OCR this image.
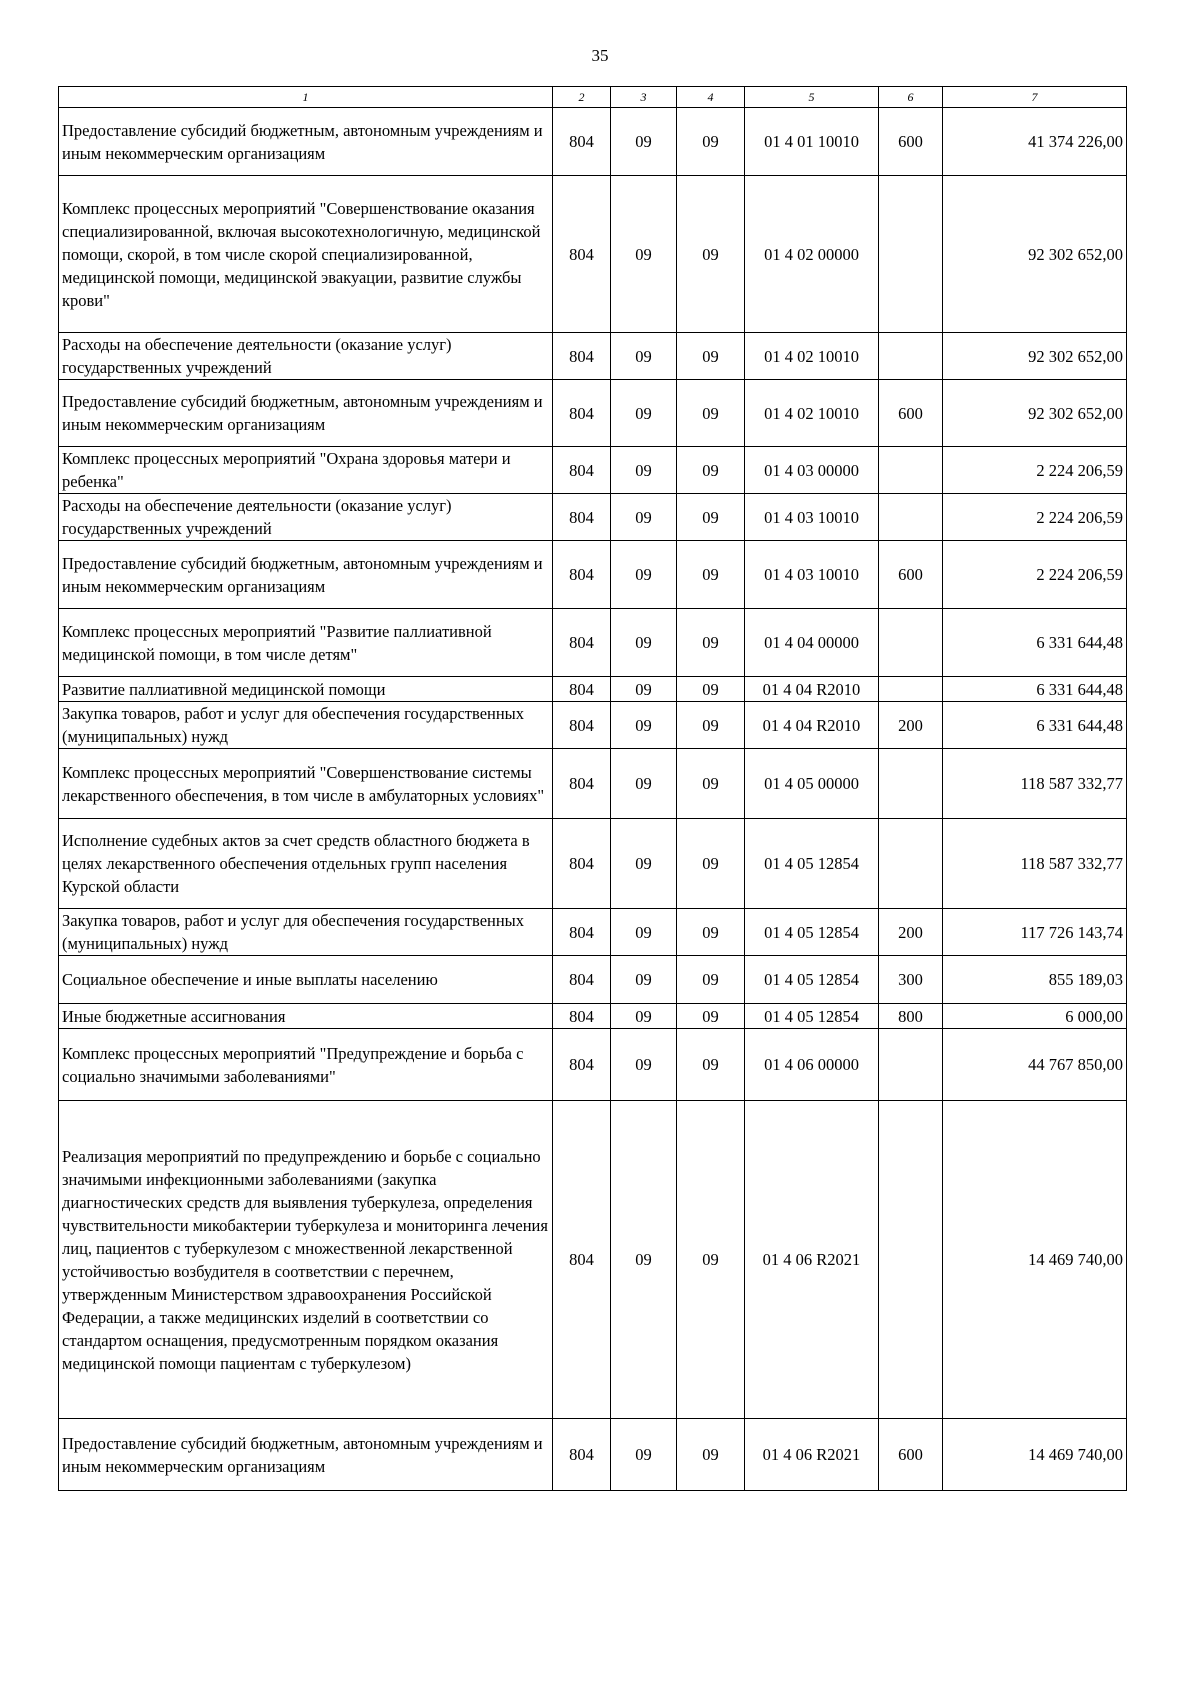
35
1	2	3	4	5	6	7
Предоставление субсидий бюджетным, автономным учреждениям и иным некоммерческим организациям	804	09	09	01 4 01 10010	600	41 374 226,00
Комплекс процессных мероприятий "Совершенствование оказания специализированной, включая высокотехнологичную, медицинской помощи, скорой, в том числе скорой специализированной, медицинской помощи, медицинской эвакуации, развитие службы крови"	804	09	09	01 4 02 00000		92 302 652,00
Расходы на обеспечение деятельности (оказание услуг) государственных учреждений	804	09	09	01 4 02 10010		92 302 652,00
Предоставление субсидий бюджетным, автономным учреждениям и иным некоммерческим организациям	804	09	09	01 4 02 10010	600	92 302 652,00
Комплекс процессных мероприятий "Охрана здоровья матери и ребенка"	804	09	09	01 4 03 00000		2 224 206,59
Расходы на обеспечение деятельности (оказание услуг) государственных учреждений	804	09	09	01 4 03 10010		2 224 206,59
Предоставление субсидий бюджетным, автономным учреждениям и иным некоммерческим организациям	804	09	09	01 4 03 10010	600	2 224 206,59
Комплекс процессных мероприятий "Развитие паллиативной медицинской помощи, в том числе детям"	804	09	09	01 4 04 00000		6 331 644,48
Развитие паллиативной медицинской помощи	804	09	09	01 4 04 R2010		6 331 644,48
Закупка товаров, работ и услуг для обеспечения государственных (муниципальных) нужд	804	09	09	01 4 04 R2010	200	6 331 644,48
Комплекс процессных мероприятий "Совершенствование системы лекарственного обеспечения, в том числе в амбулаторных условиях"	804	09	09	01 4 05 00000		118 587 332,77
Исполнение судебных актов за счет средств областного бюджета в целях лекарственного обеспечения отдельных групп населения Курской области	804	09	09	01 4 05 12854		118 587 332,77
Закупка товаров, работ и услуг для обеспечения государственных (муниципальных) нужд	804	09	09	01 4 05 12854	200	117 726 143,74
Социальное обеспечение и иные выплаты населению	804	09	09	01 4 05 12854	300	855 189,03
Иные бюджетные ассигнования	804	09	09	01 4 05 12854	800	6 000,00
Комплекс процессных мероприятий "Предупреждение и борьба с социально значимыми заболеваниями"	804	09	09	01 4 06 00000		44 767 850,00
Реализация мероприятий по предупреждению и борьбе с социально значимыми инфекционными заболеваниями (закупка диагностических средств для выявления туберкулеза, определения чувствительности микобактерии туберкулеза и мониторинга лечения лиц, пациентов с туберкулезом с множественной лекарственной устойчивостью возбудителя в соответствии с перечнем, утвержденным Министерством здравоохранения Российской Федерации, а также медицинских изделий в соответствии со стандартом оснащения, предусмотренным порядком оказания медицинской помощи пациентам с туберкулезом)	804	09	09	01 4 06 R2021		14 469 740,00
Предоставление субсидий бюджетным, автономным учреждениям и иным некоммерческим организациям	804	09	09	01 4 06 R2021	600	14 469 740,00
